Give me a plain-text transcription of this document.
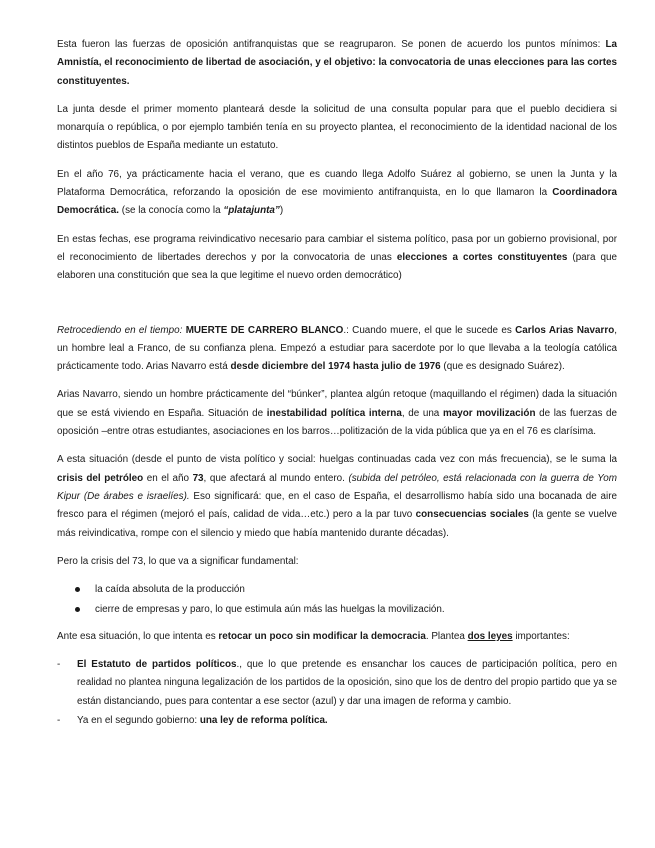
Esta fueron las fuerzas de oposición antifranquistas que se reagruparon. Se ponen de acuerdo los puntos mínimos: La Amnistía, el reconocimiento de libertad de asociación, y el objetivo: la convocatoria de unas elecciones para las cortes constituyentes.

La junta desde el primer momento planteará desde la solicitud de una consulta popular para que el pueblo decidiera si monarquía o república, o por ejemplo también tenía en su proyecto plantea, el reconocimiento de la identidad nacional de los distintos pueblos de España mediante un estatuto.

En el año 76, ya prácticamente hacia el verano, que es cuando llega Adolfo Suárez al gobierno, se unen la Junta y la Plataforma Democrática, reforzando la oposición de ese movimiento antifranquista, en lo que llamaron la Coordinadora Democrática. (se la conocía como la “platajunta”)

En estas fechas, ese programa reivindicativo necesario para cambiar el sistema político, pasa por un gobierno provisional, por el reconocimiento de libertades derechos y por la convocatoria de unas elecciones a cortes constituyentes (para que elaboren una constitución que sea la que legitime el nuevo orden democrático)

Retrocediendo en el tiempo: MUERTE DE CARRERO BLANCO.: Cuando muere, el que le sucede es Carlos Arias Navarro, un hombre leal a Franco, de su confianza plena. Empezó a estudiar para sacerdote por lo que llevaba a la teología católica prácticamente todo. Arias Navarro está desde diciembre del 1974 hasta julio de 1976 (que es designado Suárez).

Arias Navarro, siendo un hombre prácticamente del “búnker”, plantea algún retoque (maquillando el régimen) dada la situación que se está viviendo en España. Situación de inestabilidad política interna, de una mayor movilización de las fuerzas de oposición –entre otras estudiantes, asociaciones en los barros…politización de la vida pública que ya en el 76 es clarísima.

A esta situación (desde el punto de vista político y social: huelgas continuadas cada vez con más frecuencia), se le suma la crisis del petróleo en el año 73, que afectará al mundo entero. (subida del petróleo, está relacionada con la guerra de Yom Kipur (De árabes e israelíes). Eso significará: que, en el caso de España, el desarrollismo había sido una bocanada de aire fresco para el régimen (mejoró el país, calidad de vida…etc.) pero a la par tuvo consecuencias sociales (la gente se vuelve más reivindicativa, rompe con el silencio y miedo que había mantenido durante décadas).

Pero la crisis del 73, lo que va a significar fundamental:

la caída absoluta de la producción
cierre de empresas y paro, lo que estimula aún más las huelgas la movilización.

Ante esa situación, lo que intenta es retocar un poco sin modificar la democracia. Plantea dos leyes importantes:

- El Estatuto de partidos políticos., que lo que pretende es ensanchar los cauces de participación política, pero en realidad no plantea ninguna legalización de los partidos de la oposición, sino que los de dentro del propio partido que ya se están distanciando, pues para contentar a ese sector (azul) y dar una imagen de reforma y cambio.
- Ya en el segundo gobierno: una ley de reforma política.
